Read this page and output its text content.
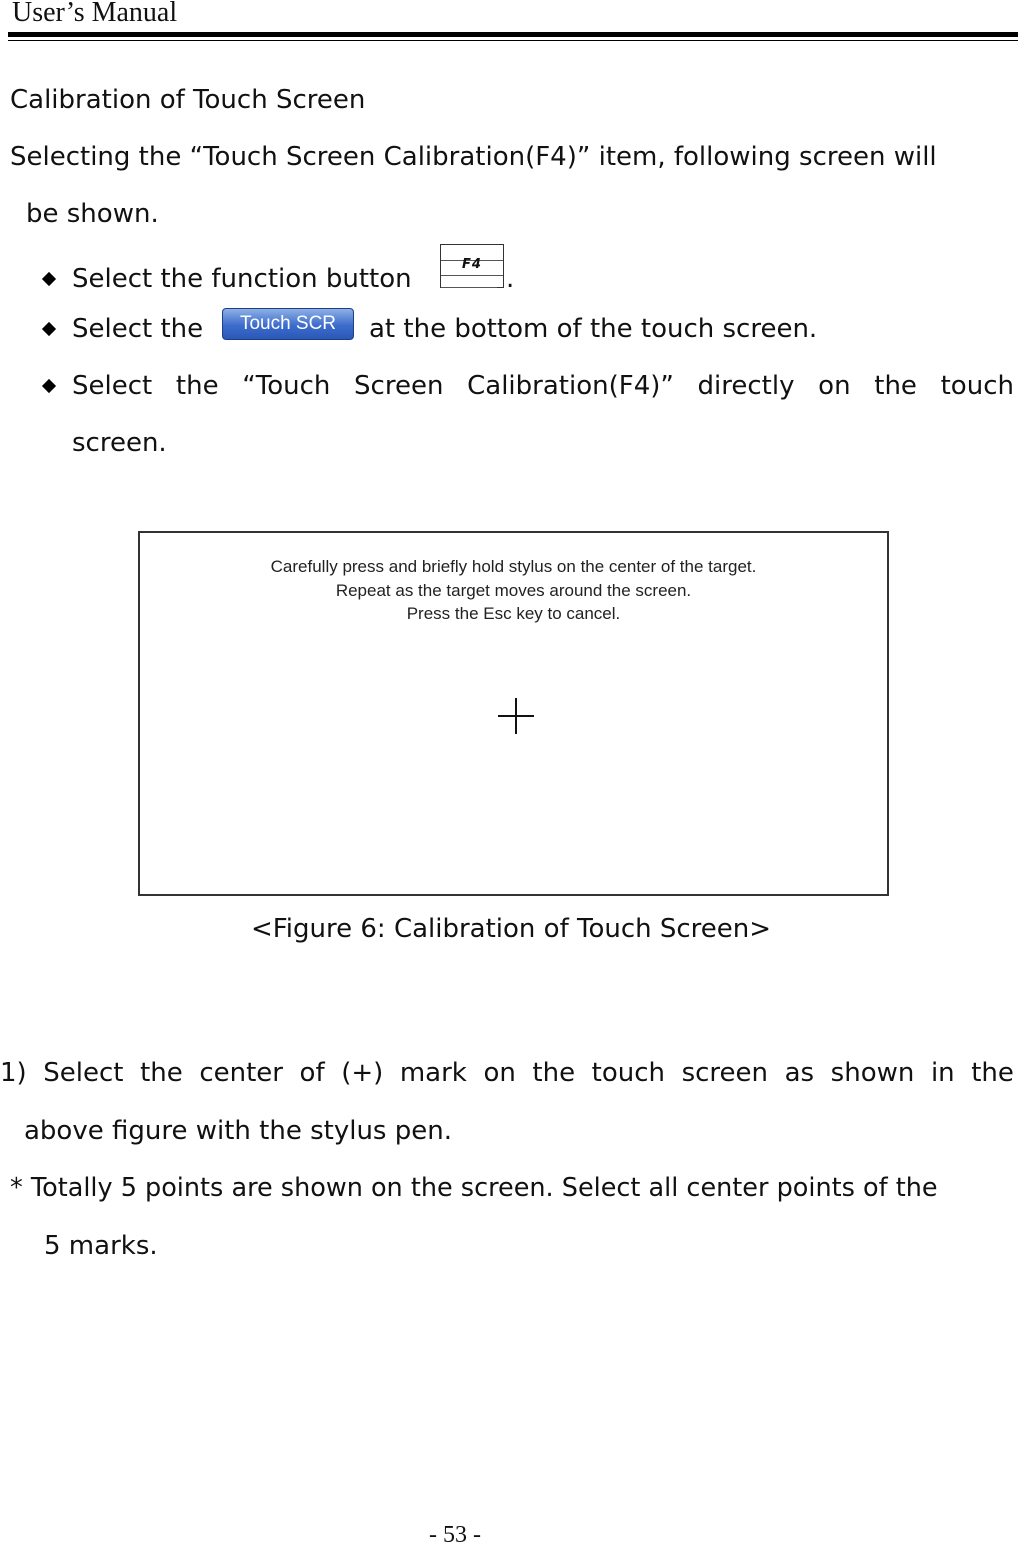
User’s Manual
Calibration of Touch Screen
Selecting the “Touch Screen Calibration(F4)” item, following screen will
be shown.
Select the function button	F4 .
Select the	Touch SCR	at the bottom of the touch screen.
Select the “Touch Screen Calibration(F4)” directly on the touch
screen.
Carefully press and briefly hold stylus on the center of the target.
Repeat as the target moves around the screen.
Press the Esc key to cancel.
<Figure 6: Calibration of Touch Screen>
1) Select the center of (+) mark on the touch screen as shown in the
above figure with the stylus pen.
* Totally 5 points are shown on the screen. Select all center points of the
5 marks.
- 53 -
